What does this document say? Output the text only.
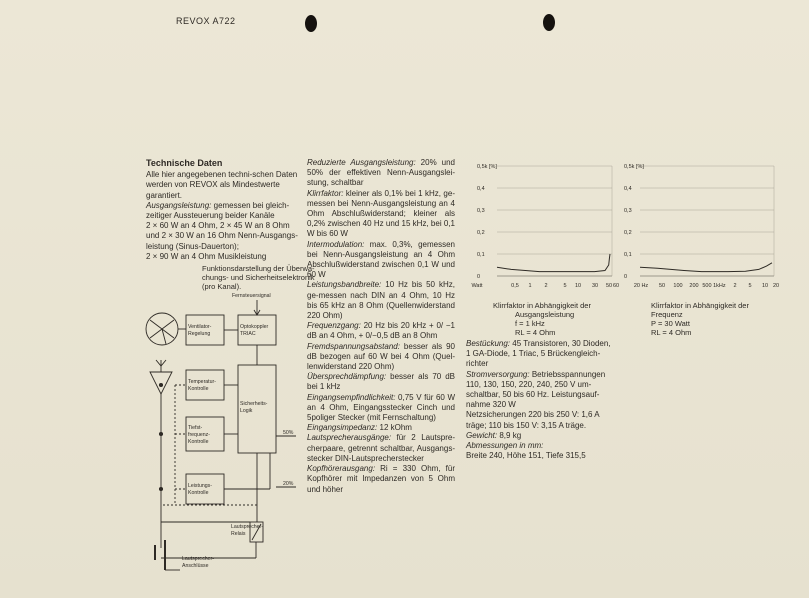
REVOX A722
Technische Daten

Alle hier angegebenen techni-schen Daten werden von REVOX als Mindestwerte garantiert.

Ausgangsleistung: gemessen bei gleich-zeitiger Aussteuerung beider Kanäle

2 × 60 W an 4 Ohm, 2 × 45 W an 8 Ohm

und 2 × 30 W an 16 Ohm Nenn-Ausgangs-leistung (Sinus-Dauerton);

2 × 90 W an 4 Ohm Musikleistung

Reduzierte Ausgangsleistung: 20% und 50% der effektiven Nenn-Ausgangslei-stung, schaltbar

Klirrfaktor: kleiner als 0,1% bei 1 kHz, ge-messen bei Nenn-Ausgangsleistung an 4 Ohm Abschlußwiderstand; kleiner als 0,2% zwischen 40 Hz und 15 kHz, bei 0,1 W bis 60 W

Intermodulation: max. 0,3%, gemessen bei Nenn-Ausgangsleistung an 4 Ohm Abschlußwiderstand zwischen 0,1 W und 60 W

Leistungsbandbreite: 10 Hz bis 50 kHz, ge-messen nach DIN an 4 Ohm, 10 Hz bis 65 kHz an 8 Ohm (Quellenwiderstand 220 Ohm)

Frequenzgang: 20 Hz bis 20 kHz + 0/ −1 dB an 4 Ohm, + 0/−0,5 dB an 8 Ohm

Fremdspannungsabstand: besser als 90 dB bezogen auf 60 W bei 4 Ohm (Quel-lenwiderstand 220 Ohm)

Übersprechdämpfung: besser als 70 dB bei 1 kHz

Eingangsempfindlichkeit: 0,75 V für 60 W an 4 Ohm, Eingangsstecker Cinch und 5poliger Stecker (mit Fernschaltung)

Eingangsimpedanz: 12 kOhm

Lautsprecherausgänge: für 2 Lautspre-cherpaare, getrennt schaltbar, Ausgangs-stecker DIN-Lautsprecherstecker

Kopfhörerausgang: Ri = 330 Ohm, für Kopfhörer mit Impedanzen von 5 Ohm und höher

Bestückung: 45 Transistoren, 30 Dioden, 1 GA-Diode, 1 Triac, 5 Brückengleich-richter

Stromversorgung: Betriebsspannungen 110, 130, 150, 220, 240, 250 V um-schaltbar, 50 bis 60 Hz. Leistungsauf-nahme 320 W

Netzsicherungen 220 bis 250 V: 1,6 A träge; 110 bis 150 V: 3,15 A träge.

Gewicht: 8,9 kg

Abmessungen in mm:

Breite 240, Höhe 151, Tiefe 315,5

0,5k [%]
0,4
0,3
0,2
0,1
0
Watt	0,5 1 2	5 10 30 50 60
0,5k [%]
0,4
0,3
0,2
0,1
0
20 Hz 50 100 200 500 1kHz 2 5 10 20
Klirrfaktor in Abhängigkeit der
Ausgangsleistung
f = 1 kHz
RL = 4 Ohm
Klirrfaktor in Abhängigkeit der
Frequenz
P = 30 Watt
RL = 4 Ohm
Funktionsdarstellung der Überwa-chungs- und Sicherheitselektronik (pro Kanal).
Fernsteuersignal
Ventilator-
Regelung
Optokoppler
TRIAC
Temperatur-
Kontrolle
Tiefst-
frequenz-
Kontrolle
Leistungs-
Kontrolle
Sicherheits-
Logik
50%
20%
Lautsprecher-
Relais
Lautsprecher-
Anschlüsse
